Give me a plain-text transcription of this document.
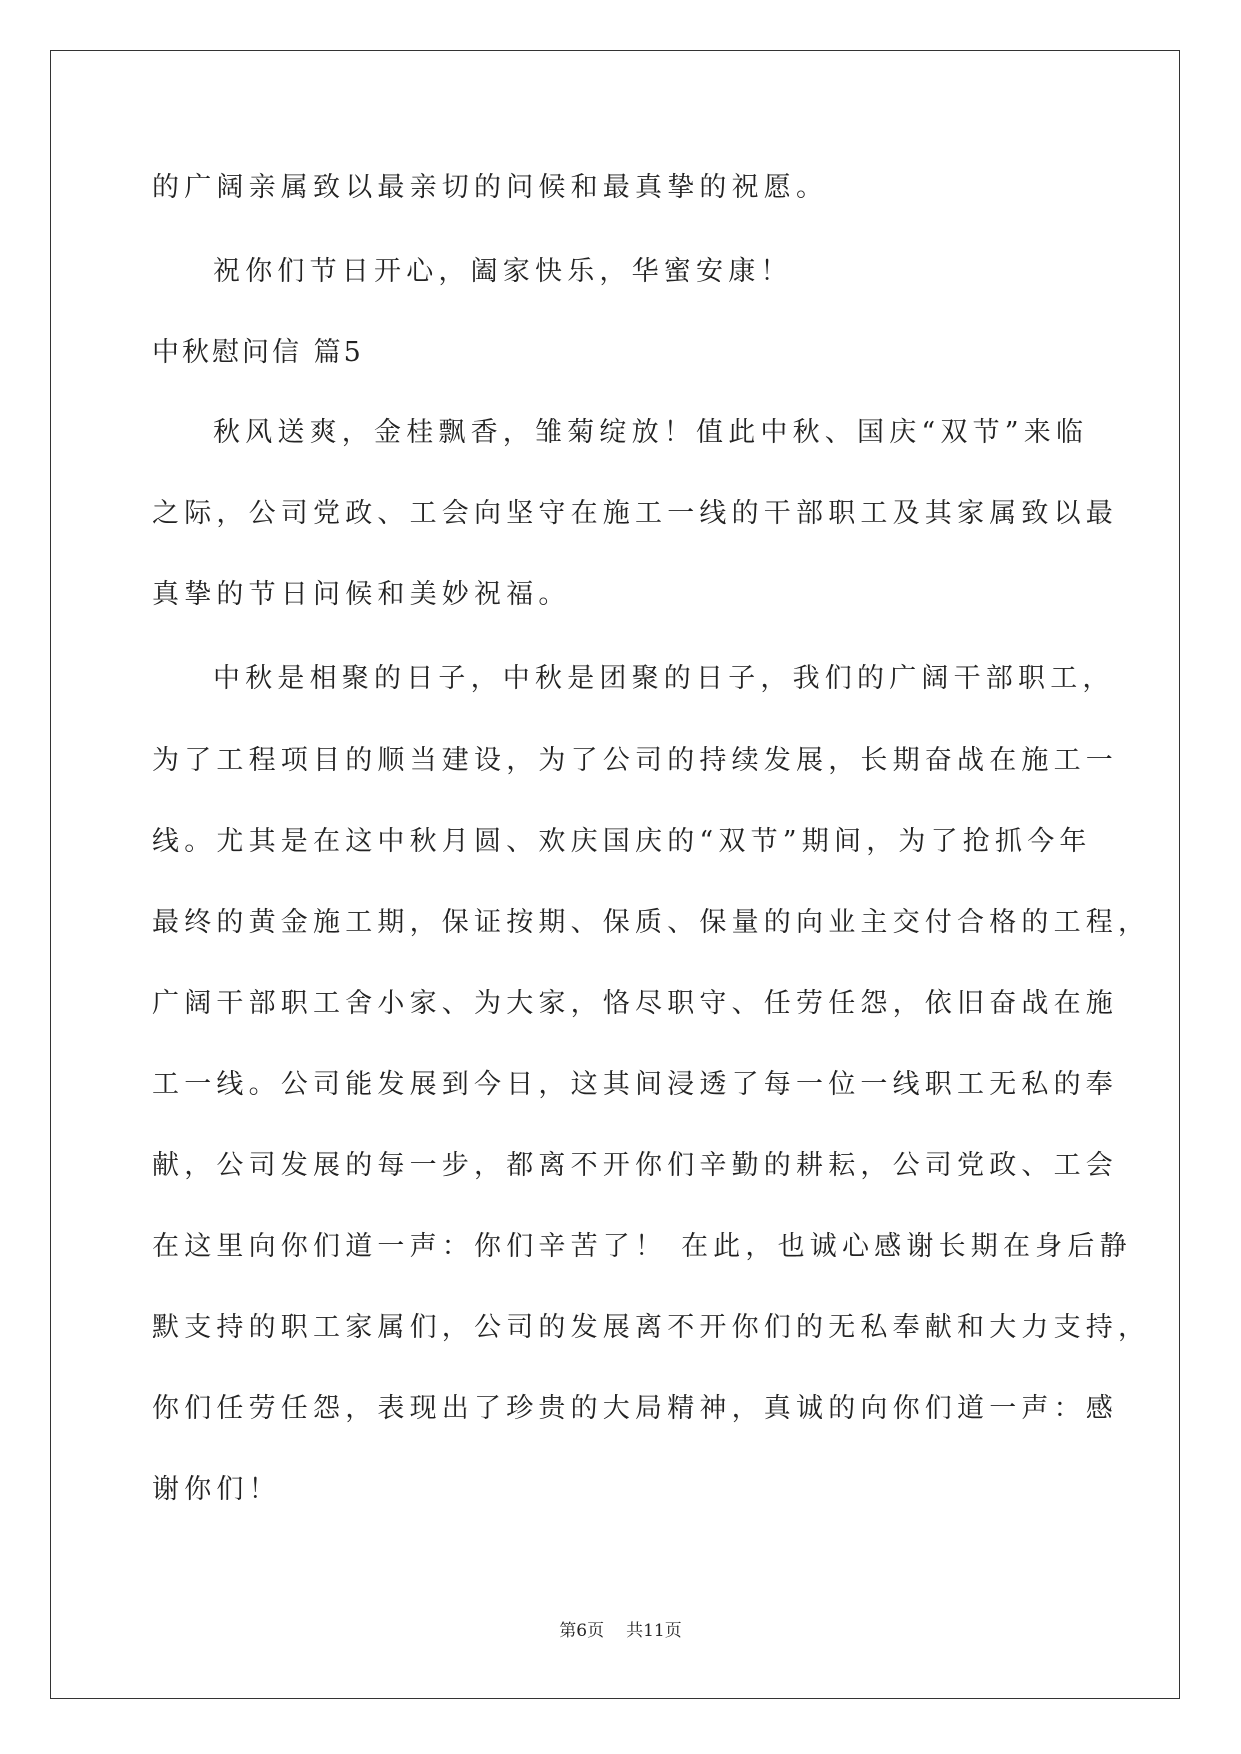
的广阔亲属致以最亲切的问候和最真挚的祝愿。

祝你们节日开心，阖家快乐，华蜜安康！

中秋慰问信 篇5

秋风送爽，金桂飘香，雏菊绽放！值此中秋、国庆“双节”来临

之际，公司党政、工会向坚守在施工一线的干部职工及其家属致以最

真挚的节日问候和美妙祝福。

中秋是相聚的日子，中秋是团聚的日子，我们的广阔干部职工，

为了工程项目的顺当建设，为了公司的持续发展，长期奋战在施工一

线。尤其是在这中秋月圆、欢庆国庆的“双节”期间，为了抢抓今年

最终的黄金施工期，保证按期、保质、保量的向业主交付合格的工程，

广阔干部职工舍小家、为大家，恪尽职守、任劳任怨，依旧奋战在施

工一线。公司能发展到今日，这其间浸透了每一位一线职工无私的奉

献，公司发展的每一步，都离不开你们辛勤的耕耘，公司党政、工会

在这里向你们道一声：你们辛苦了！ 在此，也诚心感谢长期在身后静

默支持的职工家属们，公司的发展离不开你们的无私奉献和大力支持，

你们任劳任怨，表现出了珍贵的大局精神，真诚的向你们道一声：感

谢你们！

第6页 共11页
